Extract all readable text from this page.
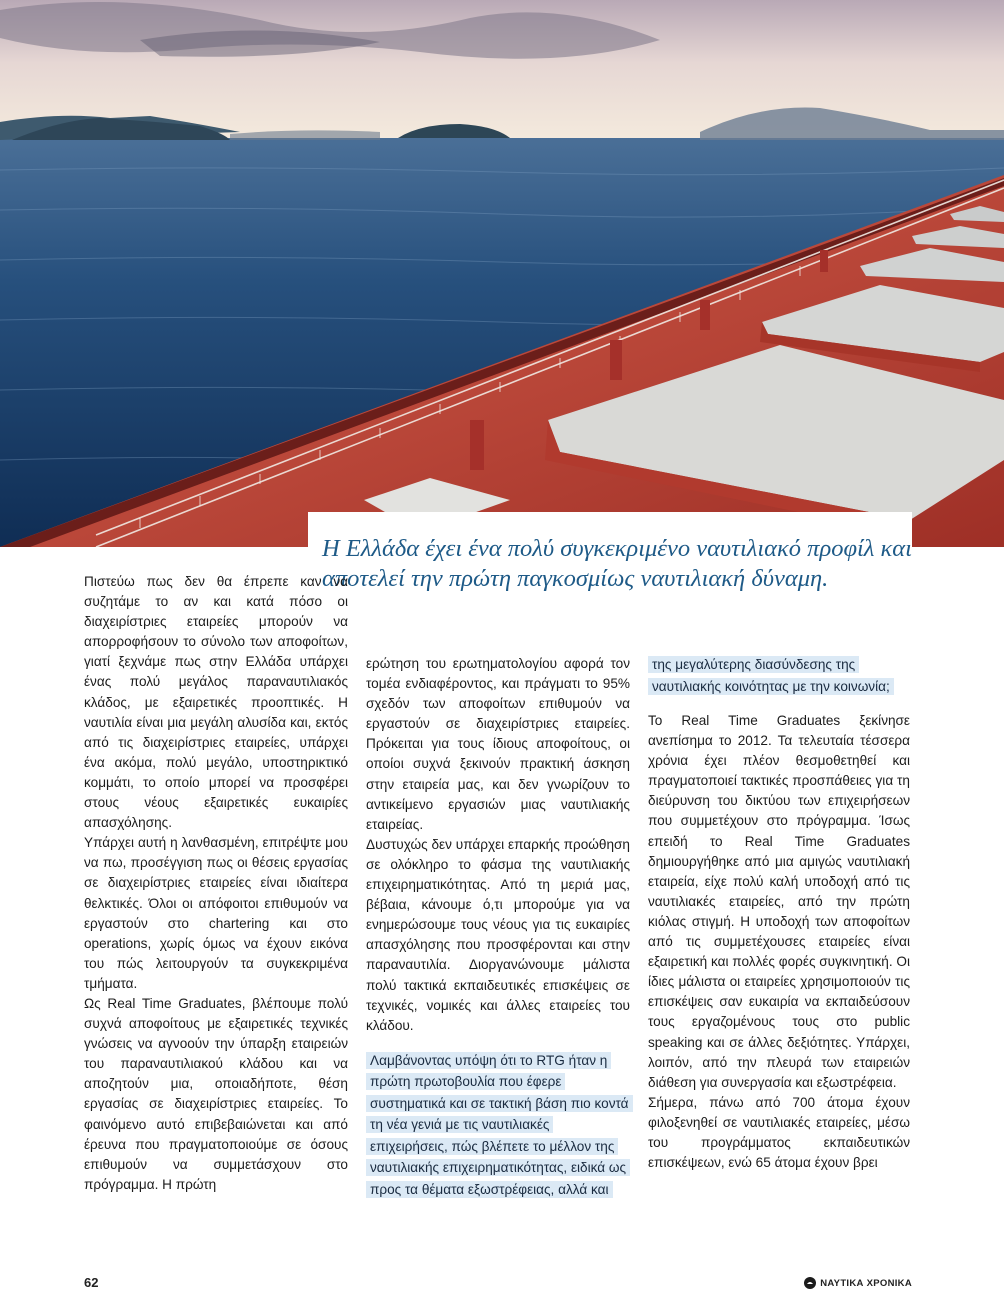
Η Ελλάδα έχει ένα πολύ συγκεκριμένο ναυτιλιακό προφίλ και αποτελεί την πρώτη παγκοσμίως ναυτιλιακή δύναμη.

Πιστεύω πως δεν θα έπρεπε καν να συζητάμε το αν και κατά πόσο οι διαχειρίστριες εταιρείες μπορούν να απορροφήσουν το σύνολο των αποφοίτων, γιατί ξεχνάμε πως στην Ελλάδα υπάρχει ένας πολύ μεγάλος παραναυτιλιακός κλάδος, με εξαιρετικές προοπτικές. Η ναυτιλία είναι μια μεγάλη αλυσίδα και, εκτός από τις διαχειρίστριες εταιρείες, υπάρχει ένα ακόμα, πολύ μεγάλο, υποστηρικτικό κομμάτι, το οποίο μπορεί να προσφέρει στους νέους εξαιρετικές ευκαιρίες απασχόλησης.

Υπάρχει αυτή η λανθασμένη, επιτρέψτε μου να πω, προσέγγιση πως οι θέσεις εργασίας σε διαχειρίστριες εταιρείες είναι ιδιαίτερα θελκτικές. Όλοι οι απόφοιτοι επιθυμούν να εργαστούν στο chartering και στο operations, χωρίς όμως να έχουν εικόνα του πώς λειτουργούν τα συγκεκριμένα τμήματα.

Ως Real Time Graduates, βλέπουμε πολύ συχνά αποφοίτους με εξαιρετικές τεχνικές γνώσεις να αγνοούν την ύπαρξη εταιρειών του παραναυτιλιακού κλάδου και να αποζητούν μια, οποιαδήποτε, θέση εργασίας σε διαχειρίστριες εταιρείες. Το φαινόμενο αυτό επιβεβαιώνεται και από έρευνα που πραγματοποιούμε σε όσους επιθυμούν να συμμετάσχουν στο πρόγραμμα. Η πρώτη

ερώτηση του ερωτηματολογίου αφορά τον τομέα ενδιαφέροντος, και πράγματι το 95% σχεδόν των αποφοίτων επιθυμούν να εργαστούν σε διαχειρίστριες εταιρείες. Πρόκειται για τους ίδιους αποφοίτους, οι οποίοι συχνά ξεκινούν πρακτική άσκηση στην εταιρεία μας, και δεν γνωρίζουν το αντικείμενο εργασιών μιας ναυτιλιακής εταιρείας.

Δυστυχώς δεν υπάρχει επαρκής προώθηση σε ολόκληρο το φάσμα της ναυτιλιακής επιχειρηματικότητας. Από τη μεριά μας, βέβαια, κάνουμε ό,τι μπορούμε για να ενημερώσουμε τους νέους για τις ευκαιρίες απασχόλησης που προσφέρονται και στην παραναυτιλία. Διοργανώνουμε μάλιστα πολύ τακτικά εκπαιδευτικές επισκέψεις σε τεχνικές, νομικές και άλλες εταιρείες του κλάδου.

Λαμβάνοντας υπόψη ότι το RTG ήταν η πρώτη πρωτοβουλία που έφερε συστηματικά και σε τακτική βάση πιο κοντά τη νέα γενιά με τις ναυτιλιακές επιχειρήσεις, πώς βλέπετε το μέλλον της ναυτιλιακής επιχειρηματικότητας, ειδικά ως προς τα θέματα εξωστρέφειας, αλλά και

της μεγαλύτερης διασύνδεσης της ναυτιλιακής κοινότητας με την κοινωνία;

Το Real Time Graduates ξεκίνησε ανεπίσημα το 2012. Τα τελευταία τέσσερα χρόνια έχει πλέον θεσμοθετηθεί και πραγματοποιεί τακτικές προσπάθειες για τη διεύρυνση του δικτύου των επιχειρήσεων που συμμετέχουν στο πρόγραμμα. Ίσως επειδή το Real Time Graduates δημιουργήθηκε από μια αμιγώς ναυτιλιακή εταιρεία, είχε πολύ καλή υποδοχή από τις ναυτιλιακές εταιρείες, από την πρώτη κιόλας στιγμή. Η υποδοχή των αποφοίτων από τις συμμετέχουσες εταιρείες είναι εξαιρετική και πολλές φορές συγκινητική. Οι ίδιες μάλιστα οι εταιρείες χρησιμοποιούν τις επισκέψεις σαν ευκαιρία να εκπαιδεύσουν τους εργαζομένους τους στο public speaking και σε άλλες δεξιότητες. Υπάρχει, λοιπόν, από την πλευρά των εταιρειών διάθεση για συνεργασία και εξωστρέφεια.

Σήμερα, πάνω από 700 άτομα έχουν φιλοξενηθεί σε ναυτιλιακές εταιρείες, μέσω του προγράμματος εκπαιδευτικών επισκέψεων, ενώ 65 άτομα έχουν βρει

62	ΝΑΥΤΙΚΑ ΧΡΟΝΙΚΑ
